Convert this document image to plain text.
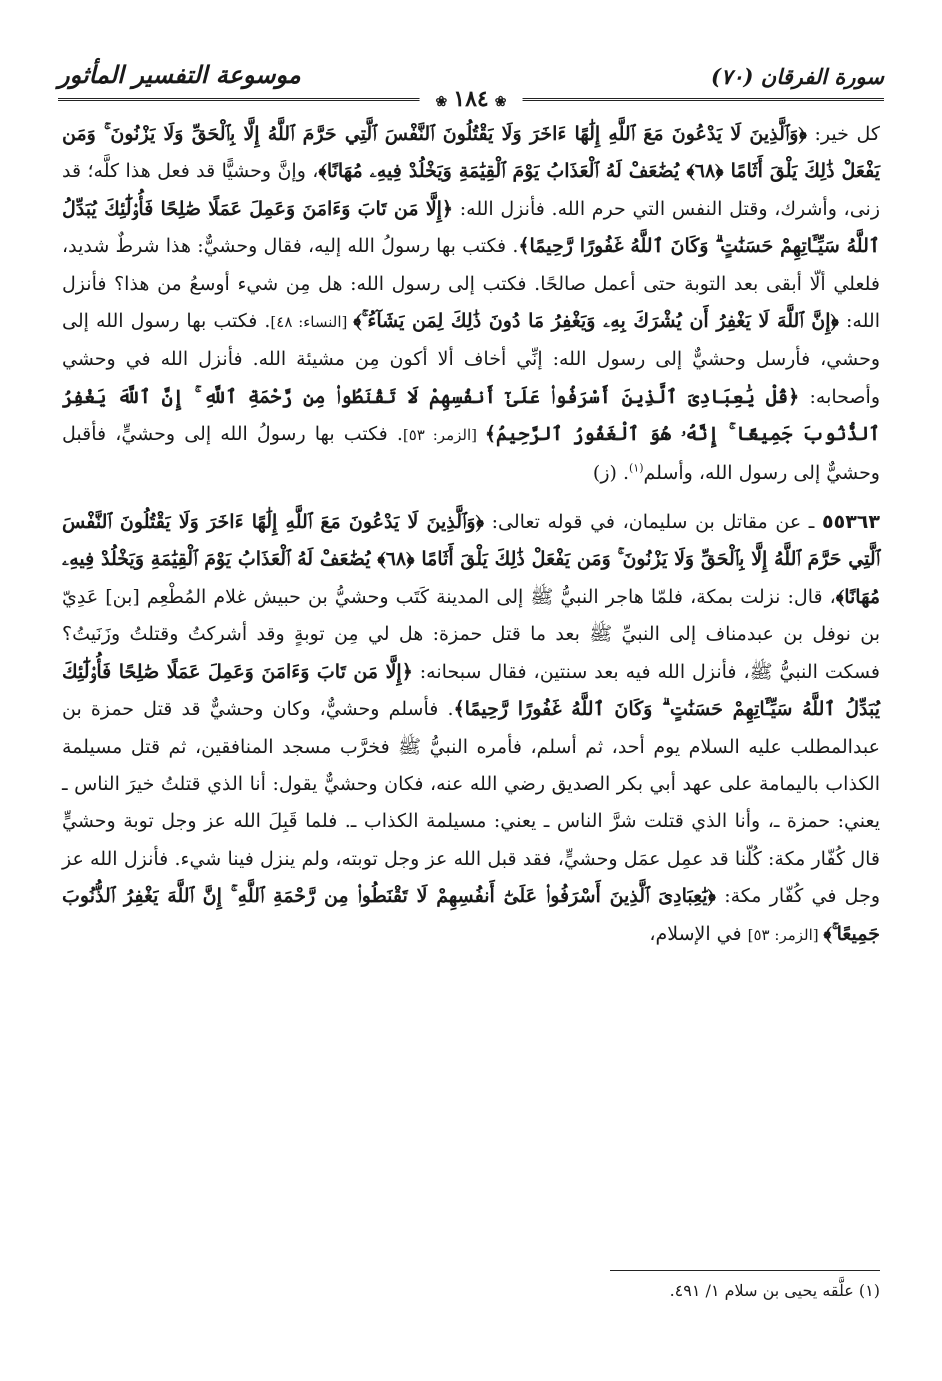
سورة الفرقان (٧٠)
موسوعة التفسير المأثور
❀١٨٤❀

كل خير: ﴿وَٱلَّذِينَ لَا يَدْعُونَ مَعَ ٱللَّهِ إِلَٰهًا ءَاخَرَ وَلَا يَقْتُلُونَ ٱلنَّفْسَ ٱلَّتِي حَرَّمَ ٱللَّهُ إِلَّا بِٱلْحَقِّ وَلَا يَزْنُونَ ۚ وَمَن يَفْعَلْ ذَٰلِكَ يَلْقَ أَثَامًا ﴿٦٨﴾ يُضَٰعَفْ لَهُ ٱلْعَذَابُ يَوْمَ ٱلْقِيَٰمَةِ وَيَخْلُدْ فِيهِۦ مُهَانًا﴾، وإنَّ وحشيًّا قد فعل هذا كلَّه؛ قد زنى، وأشرك، وقتل النفس التي حرم الله. فأنزل الله: ﴿إِلَّا مَن تَابَ وَءَامَنَ وَعَمِلَ عَمَلًا صَٰلِحًا فَأُو۟لَٰٓئِكَ يُبَدِّلُ ٱللَّهُ سَيِّـَٔاتِهِمْ حَسَنَٰتٍ ۗ وَكَانَ ٱللَّهُ غَفُورًا رَّحِيمًا﴾. فكتب بها رسولُ الله إليه، فقال وحشيٌّ: هذا شرطٌ شديد، فلعلي ألّا أبقى بعد التوبة حتى أعمل صالحًا. فكتب إلى رسول الله: هل مِن شيء أوسعُ من هذا؟ فأنزل الله: ﴿إِنَّ ٱللَّهَ لَا يَغْفِرُ أَن يُشْرَكَ بِهِۦ وَيَغْفِرُ مَا دُونَ ذَٰلِكَ لِمَن يَشَآءُ ۚ﴾ [النساء: ٤٨]. فكتب بها رسول الله إلى وحشي، فأرسل وحشيٌّ إلى رسول الله: إنِّي أخاف ألا أكون مِن مشيئة الله. فأنزل الله في وحشي وأصحابه: ﴿قُلْ يَٰعِبَادِىَ ٱلَّذِينَ أَسْرَفُوا۟ عَلَىٰٓ أَنفُسِهِمْ لَا تَقْنَطُوا۟ مِن رَّحْمَةِ ٱللَّهِ ۚ إِنَّ ٱللَّهَ يَغْفِرُ ٱلذُّنُوبَ جَمِيعًا ۚ إِنَّهُۥ هُوَ ٱلْغَفُورُ ٱلرَّحِيمُ﴾ [الزمر: ٥٣]. فكتب بها رسولُ الله إلى وحشيٍّ، فأقبل وحشيٌّ إلى رسول الله، وأسلم$^{(١)}$. (ز)

٥٥٣٦٣ ـ عن مقاتل بن سليمان، في قوله تعالى: ﴿وَٱلَّذِينَ لَا يَدْعُونَ مَعَ ٱللَّهِ إِلَٰهًا ءَاخَرَ وَلَا يَقْتُلُونَ ٱلنَّفْسَ ٱلَّتِي حَرَّمَ ٱللَّهُ إِلَّا بِٱلْحَقِّ وَلَا يَزْنُونَ ۚ وَمَن يَفْعَلْ ذَٰلِكَ يَلْقَ أَثَامًا ﴿٦٨﴾ يُضَٰعَفْ لَهُ ٱلْعَذَابُ يَوْمَ ٱلْقِيَٰمَةِ وَيَخْلُدْ فِيهِۦ مُهَانًا﴾، قال: نزلت بمكة، فلمّا هاجر النبيُّ ﷺ إلى المدينة كَتَب وحشيُّ بن حبيش غلام المُطْعِم [بن] عَدِيّ بن نوفل بن عبدمناف إلى النبيِّ ﷺ بعد ما قتل حمزة: هل لي مِن توبةٍ وقد أشركتُ وقتلتُ وزَنَيتُ؟ فسكت النبيُّ ﷺ، فأنزل الله فيه بعد سنتين، فقال سبحانه: ﴿إِلَّا مَن تَابَ وَءَامَنَ وَعَمِلَ عَمَلًا صَٰلِحًا فَأُو۟لَٰٓئِكَ يُبَدِّلُ ٱللَّهُ سَيِّـَٔاتِهِمْ حَسَنَٰتٍ ۗ وَكَانَ ٱللَّهُ غَفُورًا رَّحِيمًا﴾. فأسلم وحشيٌّ، وكان وحشيٌّ قد قتل حمزة بن عبدالمطلب عليه السلام يوم أحد، ثم أسلم، فأمره النبيُّ ﷺ فخرَّب مسجد المنافقين، ثم قتل مسيلمة الكذاب باليمامة على عهد أبي بكر الصديق رضي الله عنه، فكان وحشيٌّ يقول: أنا الذي قتلتُ خيرَ الناس ـ يعني: حمزة ـ، وأنا الذي قتلت شرَّ الناس ـ يعني: مسيلمة الكذاب ـ. فلما قَبِلَ الله عز وجل توبة وحشيٍّ قال كُفّار مكة: كُلّنا قد عمِل عمَل وحشيٍّ، فقد قبل الله عز وجل توبته، ولم ينزل فينا شيء. فأنزل الله عز وجل في كُفّار مكة: ﴿يَٰعِبَادِىَ ٱلَّذِينَ أَسْرَفُوا۟ عَلَىٰٓ أَنفُسِهِمْ لَا تَقْنَطُوا۟ مِن رَّحْمَةِ ٱللَّهِ ۚ إِنَّ ٱللَّهَ يَغْفِرُ ٱلذُّنُوبَ جَمِيعًا ۚ﴾ [الزمر: ٥٣] في الإسلام،

(١) علَّقه يحيى بن سلام ١/ ٤٩١.
